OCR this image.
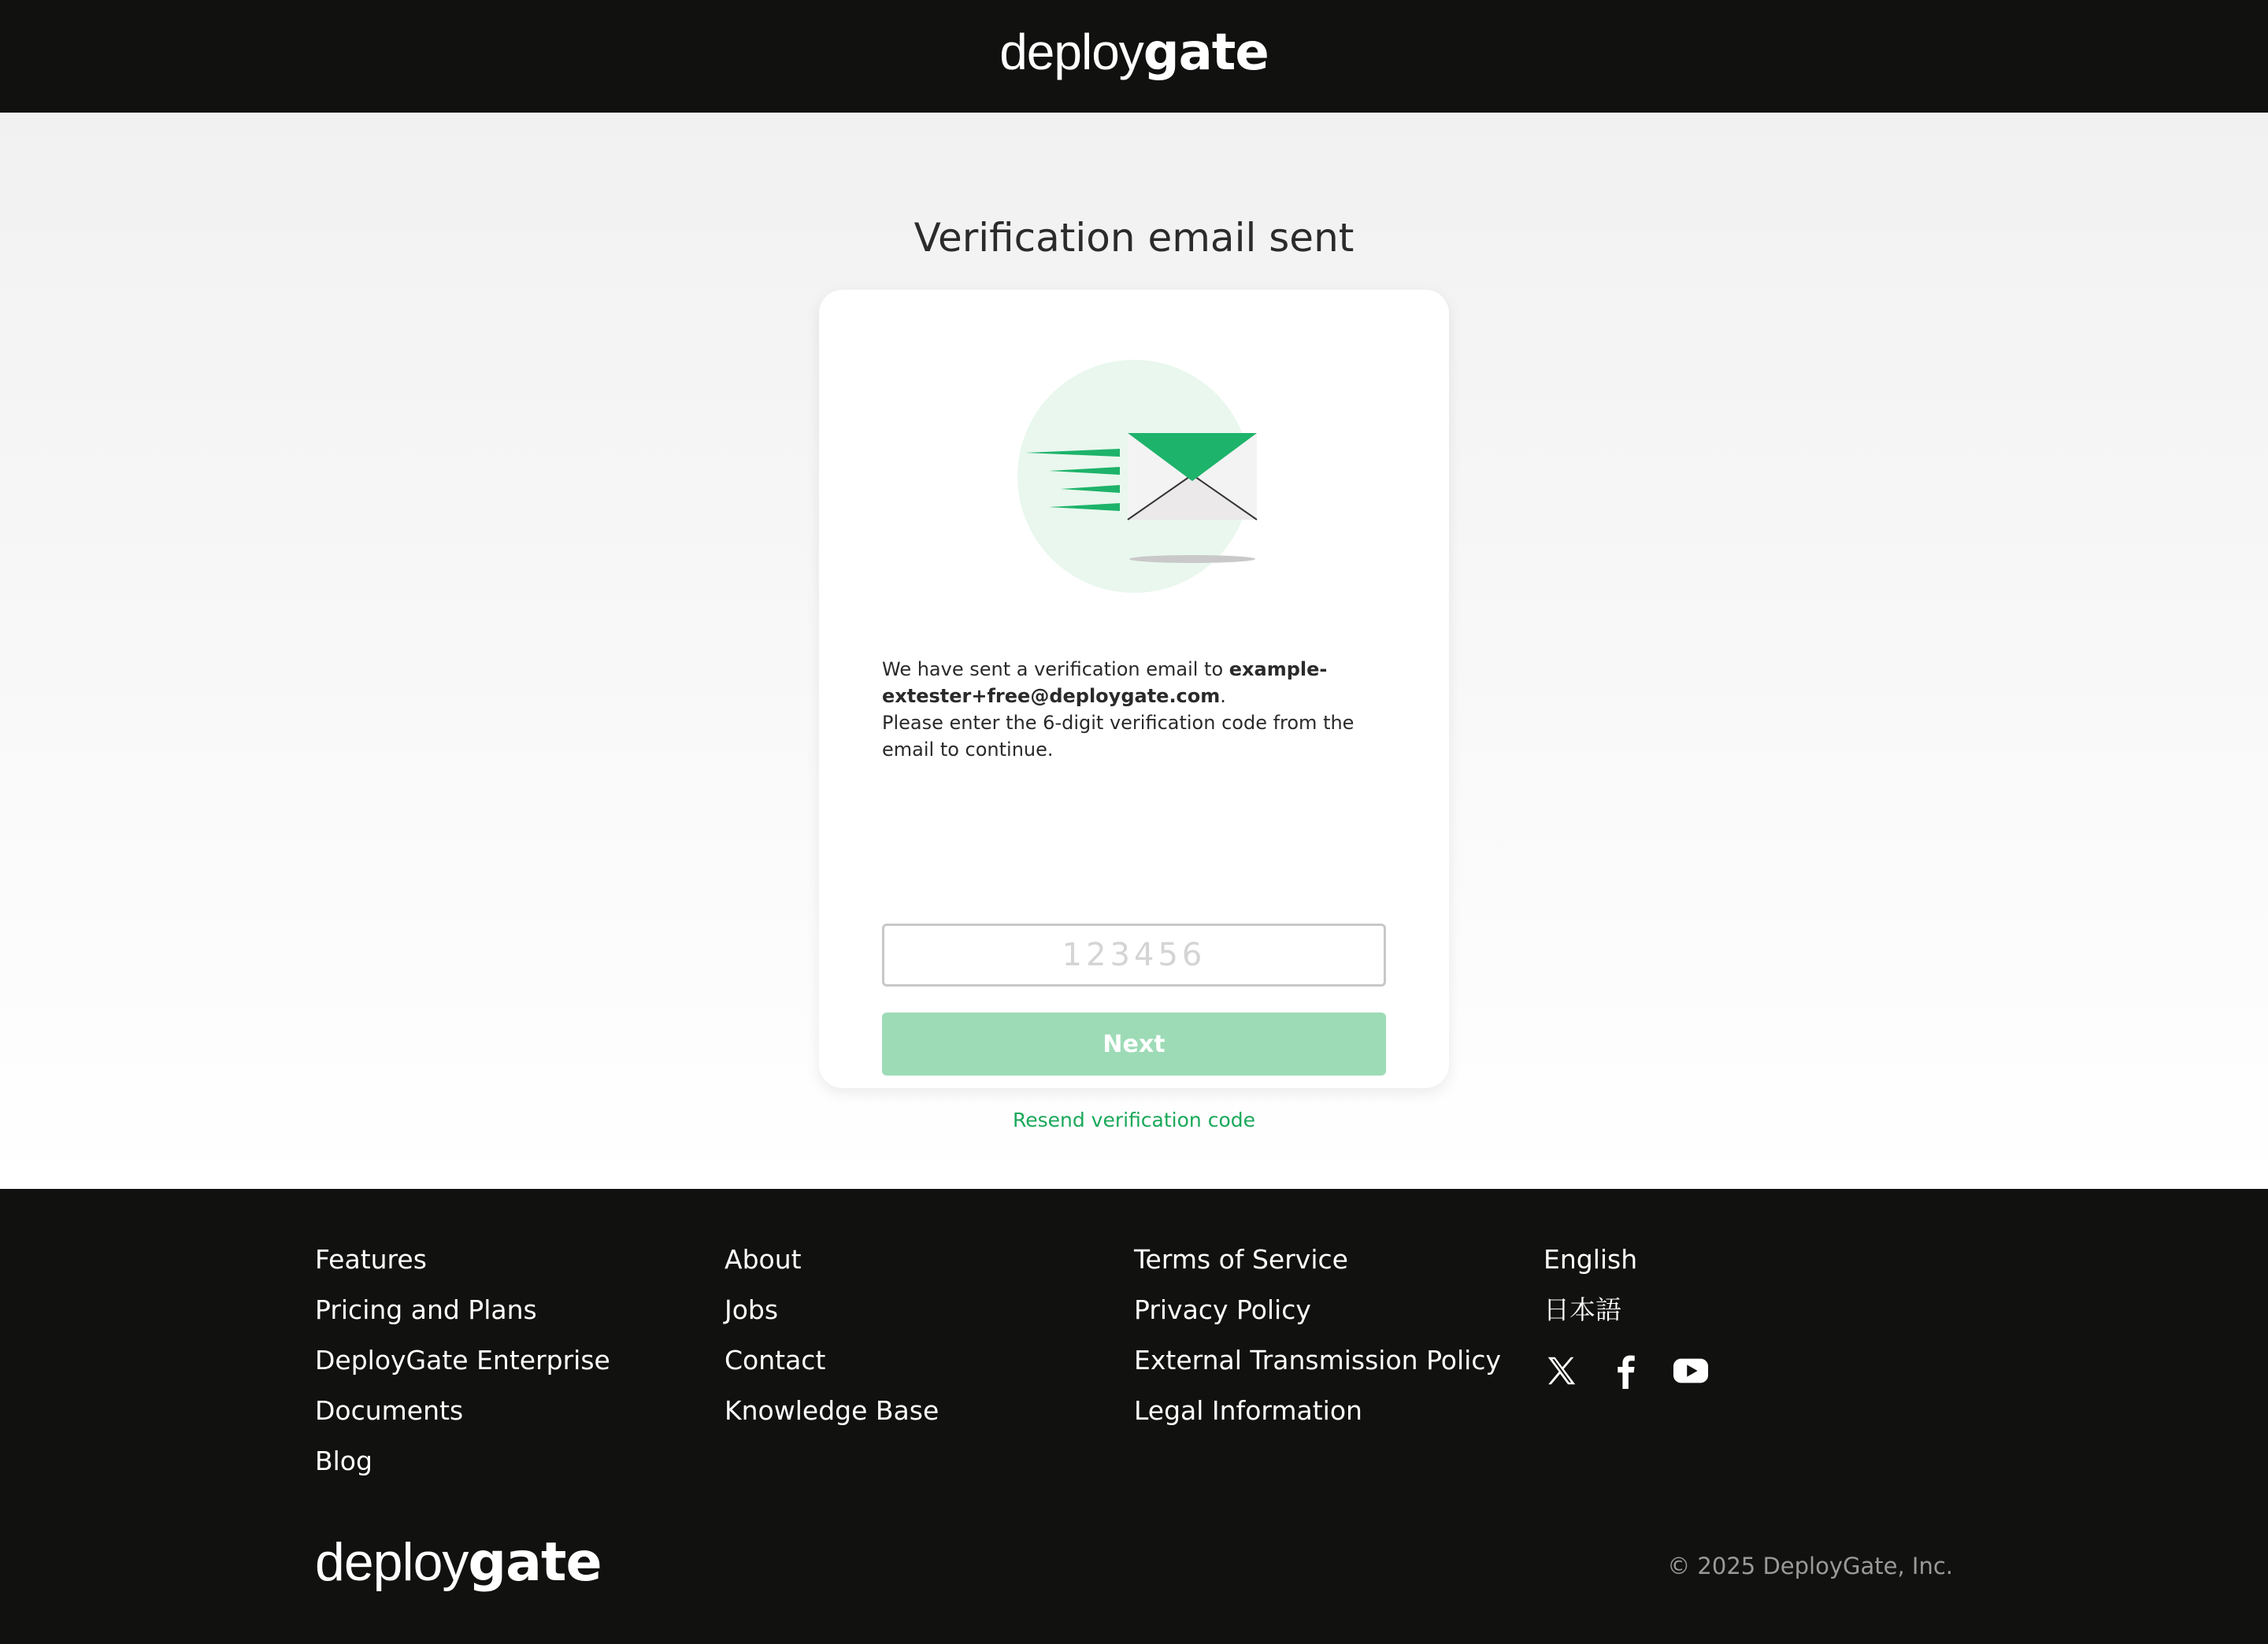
deploygate
Verification email sent

We have sent a verification email to example-extester+free@deploygate.com.
Please enter the 6-digit verification code from the email to continue.

123456
Next
Resend verification code
Features
Pricing and Plans
DeployGate Enterprise
Documents
Blog
About
Jobs
Contact
Knowledge Base
Terms of Service
Privacy Policy
External Transmission Policy
Legal Information
English
日本語
deploygate	© 2025 DeployGate, Inc.
